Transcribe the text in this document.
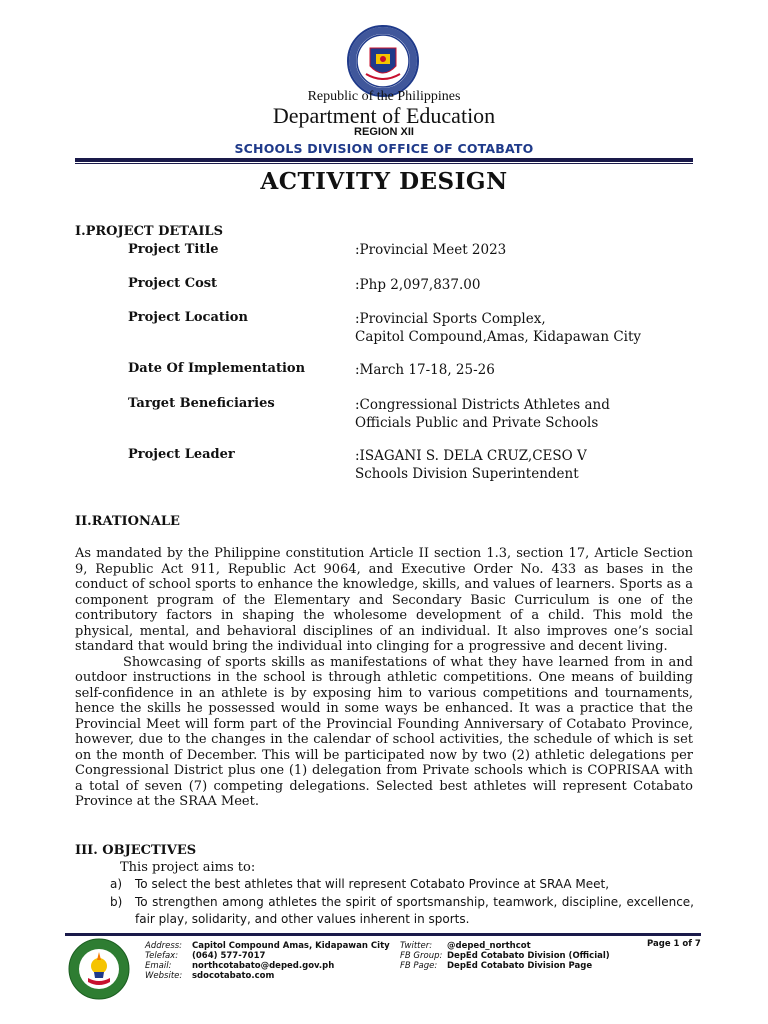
Republic of the Philippines
Department of Education
REGION XII
SCHOOLS DIVISION OFFICE OF COTABATO
ACTIVITY DESIGN
I.PROJECT DETAILS
Project Title	:Provincial Meet 2023
Project Cost	:Php 2,097,837.00
Project Location	:Provincial Sports Complex,
Capitol Compound,Amas, Kidapawan City
Date Of Implementation	:March 17-18, 25-26
Target Beneficiaries	:Congressional Districts Athletes and
Officials Public and Private Schools
Project Leader	:ISAGANI S. DELA CRUZ,CESO V
Schools Division Superintendent
II.RATIONALE

As mandated by the Philippine constitution Article II section 1.3, section 17, Article Section 9, Republic Act 911, Republic Act 9064, and Executive Order No. 433 as bases in the conduct of school sports to enhance the knowledge, skills, and values of learners. Sports as a component program of the Elementary and Secondary Basic Curriculum is one of the contributory factors in shaping the wholesome development of a child. This mold the physical, mental, and behavioral disciplines of an individual. It also improves one’s social standard that would bring the individual into clinging for a progressive and decent living.

Showcasing of sports skills as manifestations of what they have learned from in and outdoor instructions in the school is through athletic competitions. One means of building self-confidence in an athlete is by exposing him to various competitions and tournaments, hence the skills he possessed would in some ways be enhanced. It was a practice that the Provincial Meet will form part of the Provincial Founding Anniversary of Cotabato Province, however, due to the changes in the calendar of school activities, the schedule of which is set on the month of December. This will be participated now by two (2) athletic delegations per Congressional District plus one (1) delegation from Private schools which is COPRISAA with a total of seven (7) competing delegations. Selected best athletes will represent Cotabato Province at the SRAA Meet.

III. OBJECTIVES
This project aims to:
a) To select the best athletes that will represent Cotabato Province at SRAA Meet,
b) To strengthen among athletes the spirit of sportsmanship, teamwork, discipline, excellence, fair play, solidarity, and other values inherent in sports.
Address:
Telefax:
Email:
Website:
Capitol Compound Amas, Kidapawan City
(064) 577-7017
northcotabato@deped.gov.ph
sdocotabato.com
Twitter:
FB Group:
FB Page:
@deped_northcot
DepEd Cotabato Division (Official)
DepEd Cotabato Division Page
Page 1 of 7
